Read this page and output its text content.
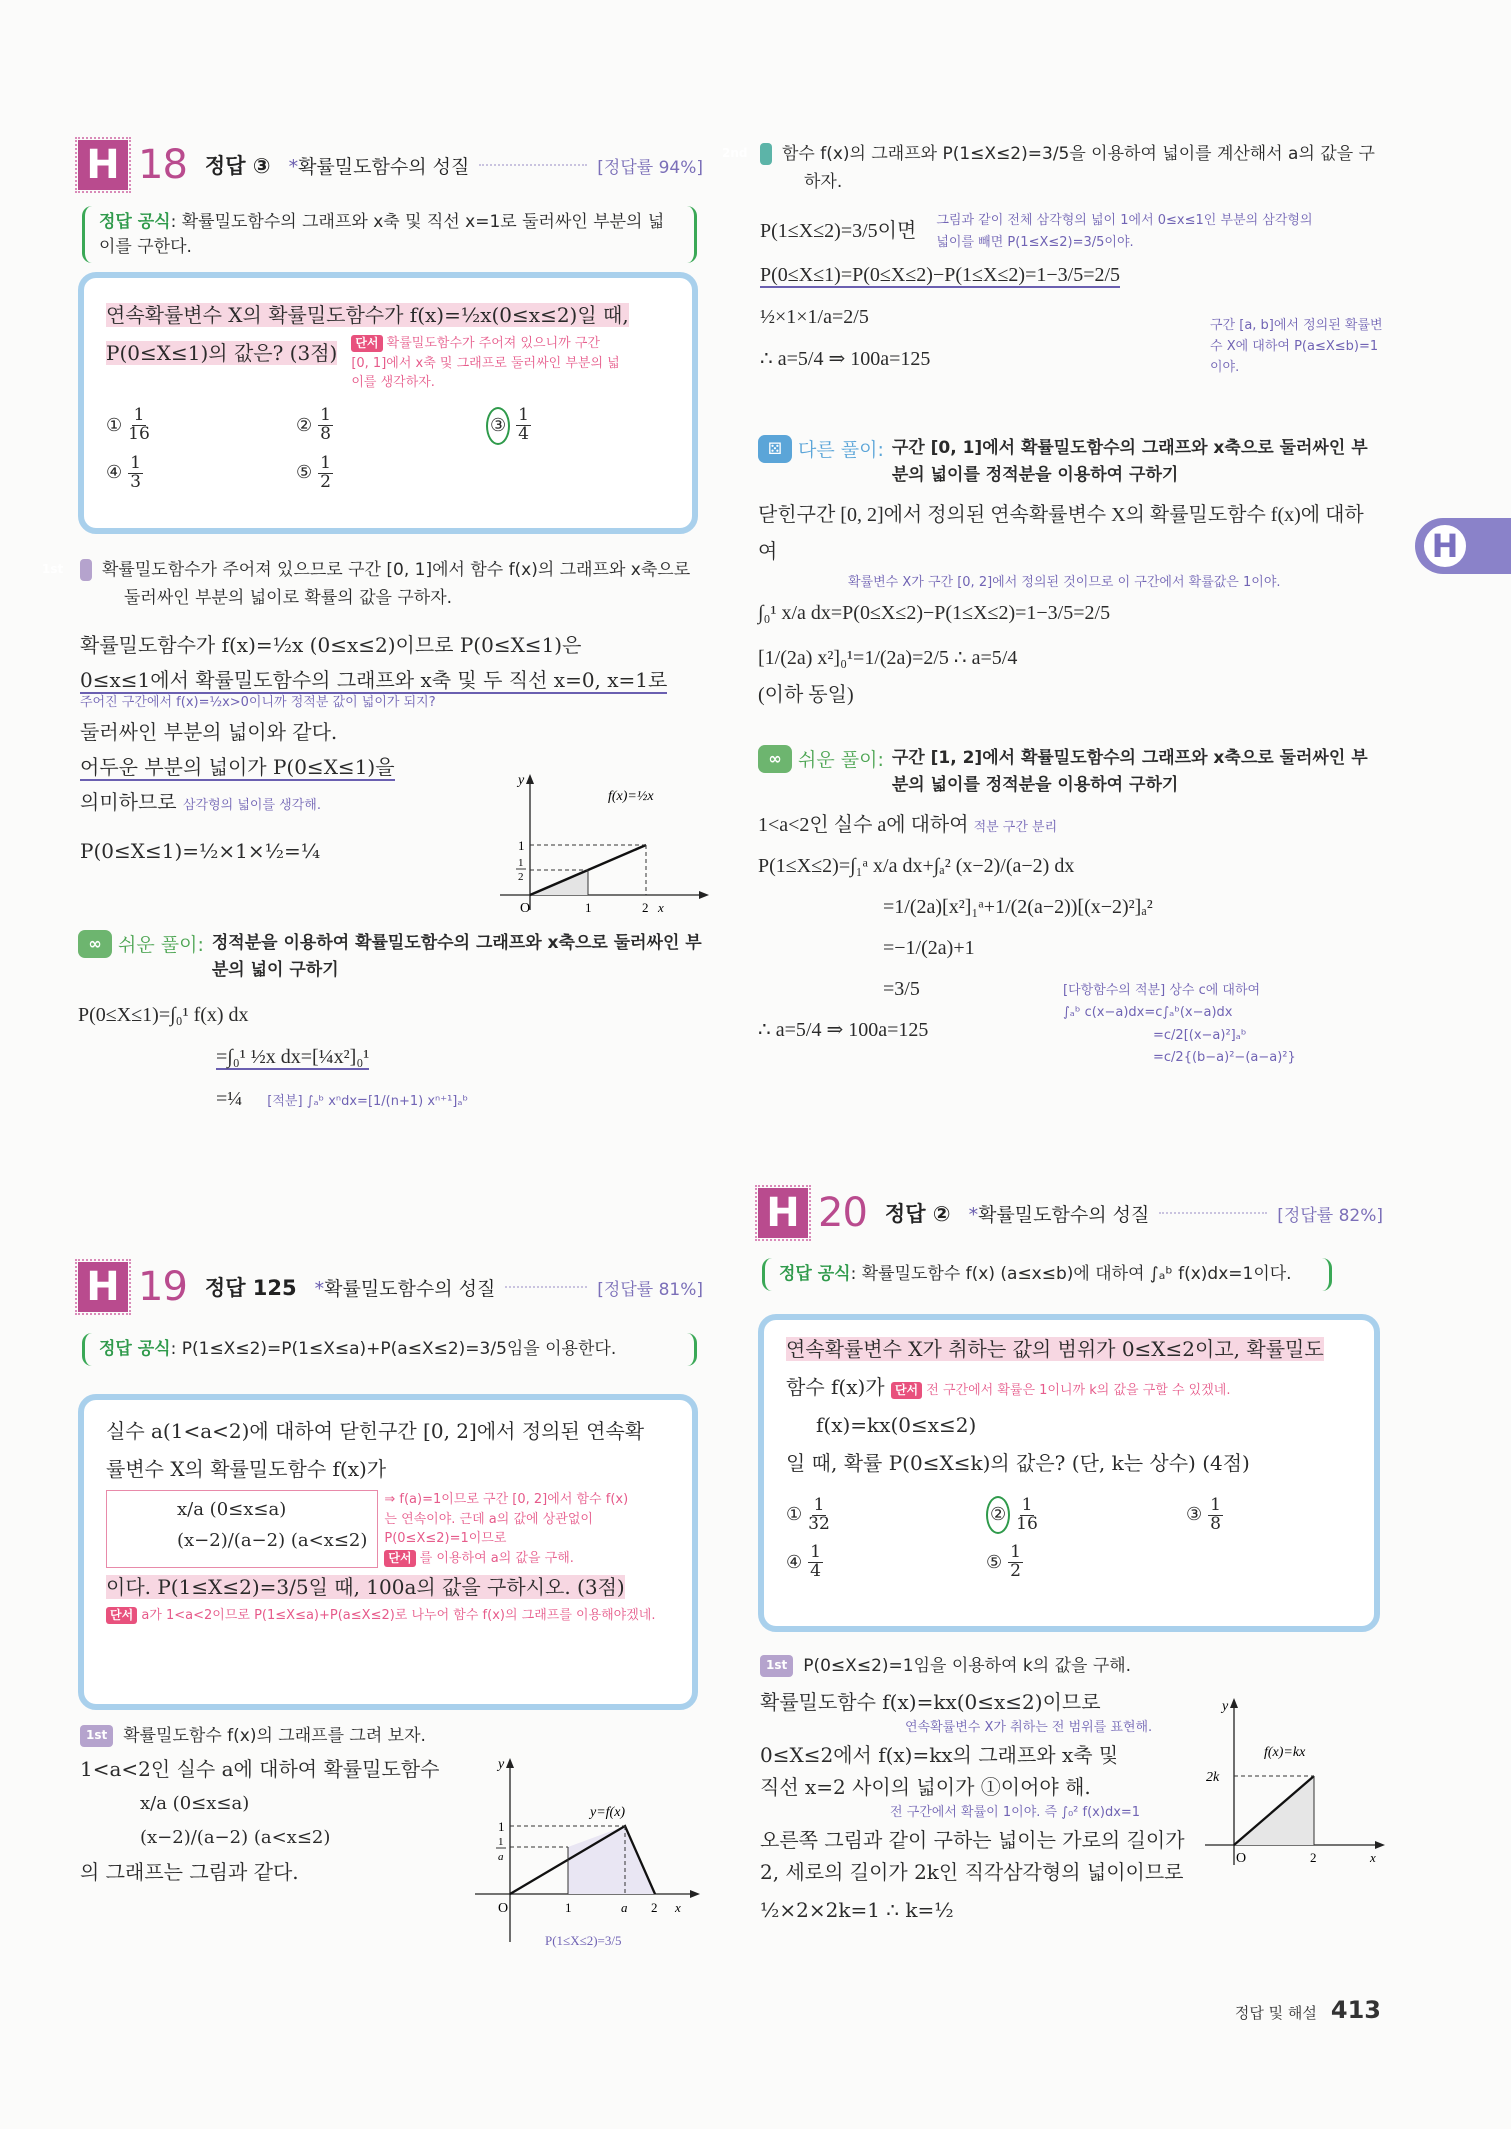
H 18 정답 ③ *확률밀도함수의 성질	[정답률 94%]
정답 공식: 확률밀도함수의 그래프와 x축 및 직선 x=1로 둘러싸인 부분의 넓이를 구한다.
연속확률변수 X의 확률밀도함수가 f(x)=½x(0≤x≤2)일 때,
P(0≤X≤1)의 값은? (3점)	단서 확률밀도함수가 주어져 있으니까 구간 [0, 1]에서 x축 및 그래프로 둘러싸인 부분의 넓이를 생각하자.
① $\frac{1}{16}$	② $\frac{1}{8}$	③ $\frac{1}{4}$
④ $\frac{1}{3}$	⑤ $\frac{1}{2}$
1st 확률밀도함수가 주어져 있으므로 구간 [0, 1]에서 함수 f(x)의 그래프와 x축으로 둘러싸인 부분의 넓이로 확률의 값을 구하자.
확률밀도함수가 f(x)=½x (0≤x≤2)이므로 P(0≤X≤1)은
0≤x≤1에서 확률밀도함수의 그래프와 x축 및 두 직선 x=0, x=1로
주어진 구간에서 f(x)=½x>0이니까 정적분 값이 넓이가 되지?
둘러싸인 부분의 넓이와 같다.
어두운 부분의 넓이가 P(0≤X≤1)을
의미하므로 삼각형의 넓이를 생각해.
P(0≤X≤1)=½×1×½=¼
y
1
1
2
O	1	2 x
f(x)=½x
∞ 쉬운 풀이: 정적분을 이용하여 확률밀도함수의 그래프와 x축으로 둘러싸인 부분의 넓이 구하기
P(0≤X≤1)=∫₀¹ f(x) dx
=∫₀¹ ½x dx=[¼x²]₀¹
=¼ [적분] ∫ₐᵇ xⁿdx=[1/(n+1) xⁿ⁺¹]ₐᵇ
H 19 정답 125 *확률밀도함수의 성질	[정답률 81%]
정답 공식: P(1≤X≤2)=P(1≤X≤a)+P(a≤X≤2)=3/5임을 이용한다.
실수 a(1<a<2)에 대하여 닫힌구간 [0, 2]에서 정의된 연속확
률변수 X의 확률밀도함수 f(x)가
x/a (0≤x≤a)
(x−2)/(a−2) (a<x≤2)
⇒ f(a)=1이므로 구간 [0, 2]에서 함수 f(x)는 연속이야. 근데 a의 값에 상관없이 P(0≤X≤2)=1이므로
단서 를 이용하여 a의 값을 구해.
이다. P(1≤X≤2)=3/5일 때, 100a의 값을 구하시오. (3점)
단서 a가 1<a<2이므로 P(1≤X≤a)+P(a≤X≤2)로 나누어 함수 f(x)의 그래프를 이용해야겠네.
1st 확률밀도함수 f(x)의 그래프를 그려 보자.
1<a<2인 실수 a에 대하여 확률밀도함수
x/a (0≤x≤a)
(x−2)/(a−2) (a<x≤2)
의 그래프는 그림과 같다.
y
1
1
a
O	1	a 2 x
y=f(x)
P(1≤X≤2)=3/5
2nd 함수 f(x)의 그래프와 P(1≤X≤2)=3/5을 이용하여 넓이를 계산해서 a의 값을 구하자.
P(1≤X≤2)=3/5이면 그림과 같이 전체 삼각형의 넓이 1에서 0≤x≤1인 부분의 삼각형의 넓이를 빼면 P(1≤X≤2)=3/5이야.
P(0≤X≤1)=P(0≤X≤2)−P(1≤X≤2)=1−3/5=2/5
½×1×1/a=2/5
∴ a=5/4 ⇒ 100a=125
구간 [a, b]에서 정의된 확률변수 X에 대하여 P(a≤X≤b)=1이야.
⚄ 다른 풀이: 구간 [0, 1]에서 확률밀도함수의 그래프와 x축으로 둘러싸인 부분의 넓이를 정적분을 이용하여 구하기
닫힌구간 [0, 2]에서 정의된 연속확률변수 X의 확률밀도함수 f(x)에 대하여
확률변수 X가 구간 [0, 2]에서 정의된 것이므로 이 구간에서 확률값은 1이야.
∫₀¹ x/a dx=P(0≤X≤2)−P(1≤X≤2)=1−3/5=2/5
[1/(2a) x²]₀¹=1/(2a)=2/5 ∴ a=5/4
(이하 동일)
∞ 쉬운 풀이: 구간 [1, 2]에서 확률밀도함수의 그래프와 x축으로 둘러싸인 부분의 넓이를 정적분을 이용하여 구하기
1<a<2인 실수 a에 대하여 적분 구간 분리
P(1≤X≤2)=∫₁ᵃ x/a dx+∫ₐ² (x−2)/(a−2) dx
=1/(2a)[x²]₁ᵃ+1/(2(a−2))[(x−2)²]ₐ²
=−1/(2a)+1
=3/5
∴ a=5/4 ⇒ 100a=125
[다항함수의 적분] 상수 c에 대하여
∫ₐᵇ c(x−a)dx=c∫ₐᵇ(x−a)dx
=c/2[(x−a)²]ₐᵇ
=c/2{(b−a)²−(a−a)²}
H 20 정답 ② *확률밀도함수의 성질	[정답률 82%]
정답 공식: 확률밀도함수 f(x) (a≤x≤b)에 대하여 ∫ₐᵇ f(x)dx=1이다.
연속확률변수 X가 취하는 값의 범위가 0≤X≤2이고, 확률밀도
함수 f(x)가 단서 전 구간에서 확률은 1이니까 k의 값을 구할 수 있겠네.
f(x)=kx(0≤x≤2)
일 때, 확률 P(0≤X≤k)의 값은? (단, k는 상수) (4점)
① $\frac{1}{32}$	② $\frac{1}{16}$	③ $\frac{1}{8}$
④ $\frac{1}{4}$	⑤ $\frac{1}{2}$
1st P(0≤X≤2)=1임을 이용하여 k의 값을 구해.
확률밀도함수 f(x)=kx(0≤x≤2)이므로
연속확률변수 X가 취하는 전 범위를 표현해.
0≤X≤2에서 f(x)=kx의 그래프와 x축 및
직선 x=2 사이의 넓이가 ①이어야 해.
전 구간에서 확률이 1이야. 즉 ∫₀² f(x)dx=1
오른쪽 그림과 같이 구하는 넓이는 가로의 길이가
2, 세로의 길이가 2k인 직각삼각형의 넓이이므로
½×2×2k=1 ∴ k=½
y
2k
O	2	x
f(x)=kx
H
정답 및 해설 413
